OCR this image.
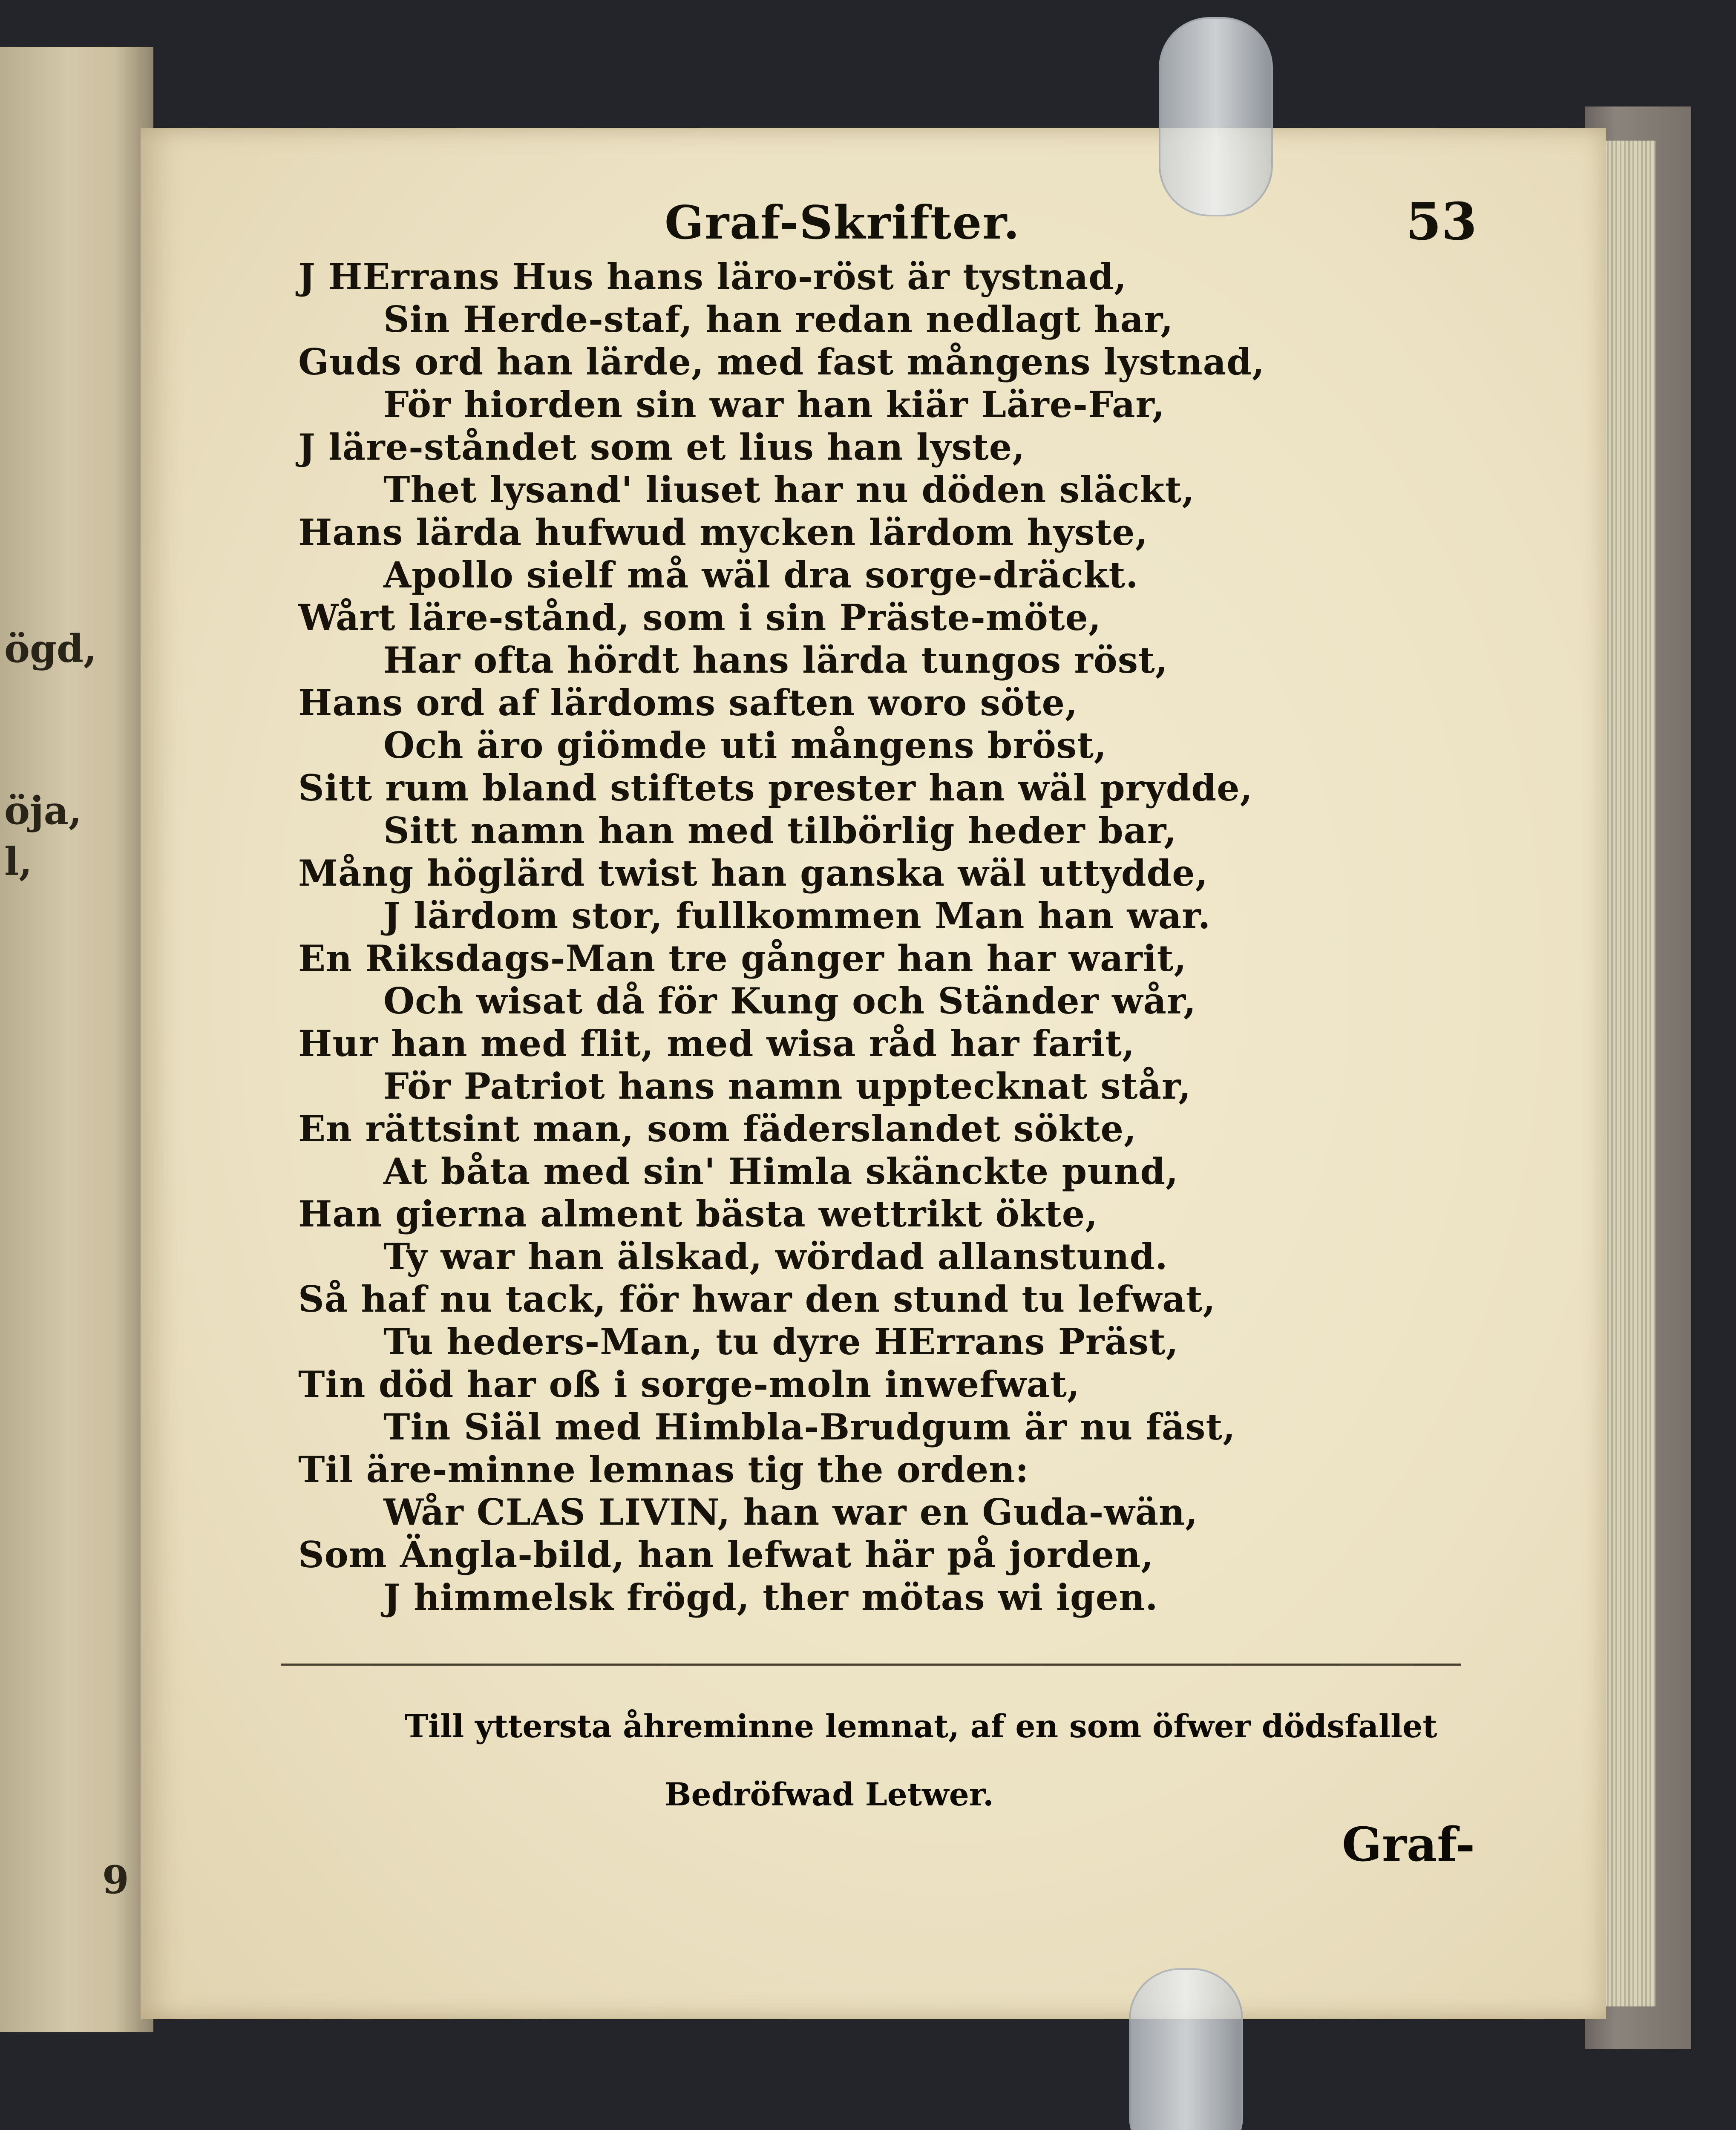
ögd,
öja,
l,
9
Graf-Skrifter.	53
J HErrans Hus hans läro-röst är tystnad,
Sin Herde-staf, han redan nedlagt har,
Guds ord han lärde, med fast mångens lystnad,
För hiorden sin war han kiär Läre-Far,
J läre-ståndet som et lius han lyste,
Thet lysand' liuset har nu döden släckt,
Hans lärda hufwud mycken lärdom hyste,
Apollo sielf må wäl dra sorge-dräckt.
Wårt läre-stånd, som i sin Präste-möte,
Har ofta hördt hans lärda tungos röst,
Hans ord af lärdoms saften woro söte,
Och äro giömde uti mångens bröst,
Sitt rum bland stiftets prester han wäl prydde,
Sitt namn han med tilbörlig heder bar,
Mång höglärd twist han ganska wäl uttydde,
J lärdom stor, fullkommen Man han war.
En Riksdags-Man tre gånger han har warit,
Och wisat då för Kung och Ständer wår,
Hur han med flit, med wisa råd har farit,
För Patriot hans namn upptecknat står,
En rättsint man, som fäderslandet sökte,
At båta med sin' Himla skänckte pund,
Han gierna alment bästa wettrikt ökte,
Ty war han älskad, wördad allanstund.
Så haf nu tack, för hwar den stund tu lefwat,
Tu heders-Man, tu dyre HErrans Präst,
Tin död har oß i sorge-moln inwefwat,
Tin Siäl med Himbla-Brudgum är nu fäst,
Til äre-minne lemnas tig the orden:
Wår CLAS LIVIN, han war en Guda-wän,
Som Ängla-bild, han lefwat här på jorden,
J himmelsk frögd, ther mötas wi igen.
Till yttersta åhreminne lemnat, af en som öfwer dödsfallet
Bedröfwad Letwer.
Graf-
